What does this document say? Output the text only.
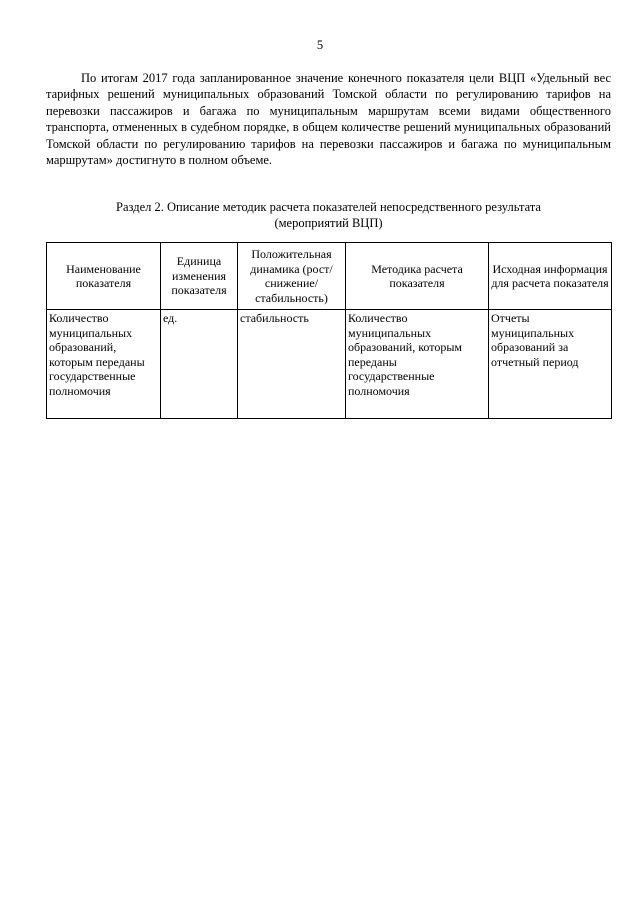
5

По итогам 2017 года запланированное значение конечного показателя цели ВЦП «Удельный вес тарифных решений муниципальных образований Томской области по регулированию тарифов на перевозки пассажиров и багажа по муниципальным маршрутам всеми видами общественного транспорта, отмененных в судебном порядке, в общем количестве решений муниципальных образований Томской области по регулированию тарифов на перевозки пассажиров и багажа по муниципальным маршрутам» достигнуто в полном объеме.

Раздел 2. Описание методик расчета показателей непосредственного результата
(мероприятий ВЦП)
Наименование показателя	Единица изменения показателя	Положительная динамика (рост/снижение/ стабильность)	Методика расчета показателя	Исходная информация для расчета показателя
Количество муниципальных образований, которым переданы государственные полномочия	ед.	стабильность	Количество муниципальных образований, которым переданы государственные полномочия	Отчеты муниципальных образований за отчетный период
